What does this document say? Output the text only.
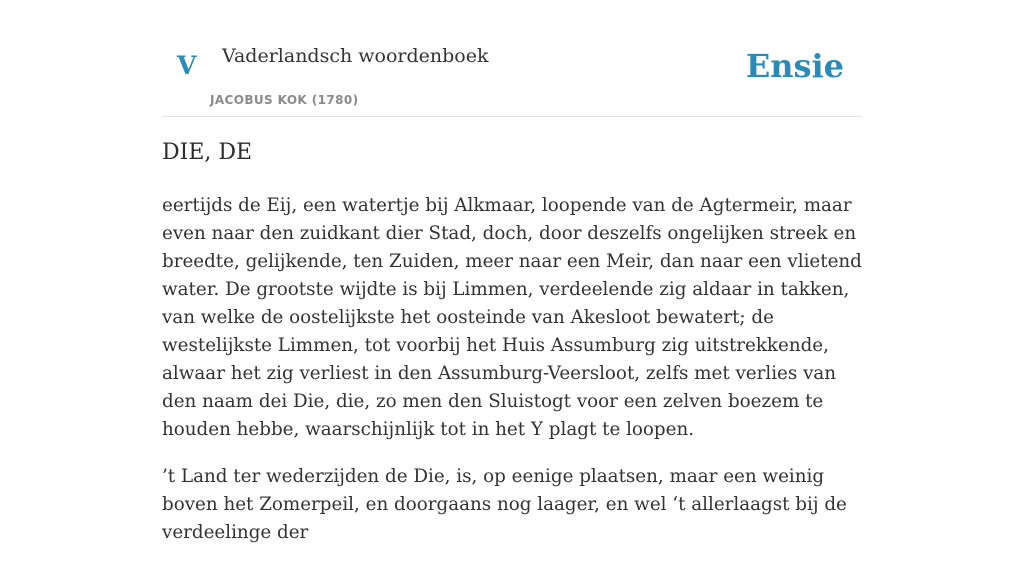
V Vaderlandsch woordenboek
JACOBUS KOK (1780)
Ensie
DIE, DE

eertijds de Eij, een watertje bij Alkmaar, loopende van de Agtermeir, maar even naar den zuidkant dier Stad, doch, door deszelfs ongelijken streek en breedte, gelijkende, ten Zuiden, meer naar een Meir, dan naar een vlietend water. De grootste wijdte is bij Limmen, verdeelende zig aldaar in takken, van welke de oostelijkste het oosteinde van Akesloot bewatert; de westelijkste Limmen, tot voorbij het Huis Assumburg zig uitstrekkende, alwaar het zig verliest in den Assumburg-Veersloot, zelfs met verlies van den naam dei Die, die, zo men den Sluistogt voor een zelven boezem te houden hebbe, waarschijnlijk tot in het Y plagt te loopen.

’t Land ter wederzijden de Die, is, op eenige plaatsen, maar een weinig boven het Zomerpeil, en doorgaans nog laager, en wel ‘t allerlaagst bij de verdeelinge der
